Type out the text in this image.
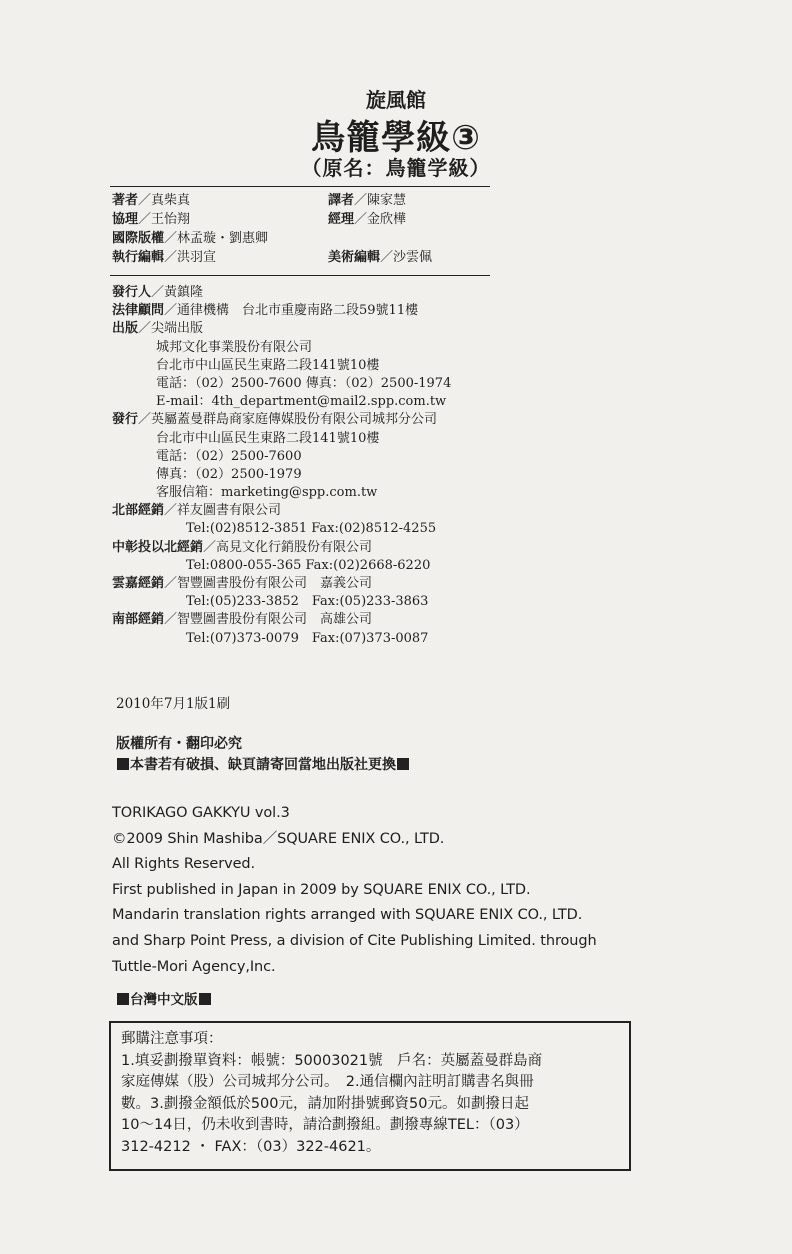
旋風館
鳥籠學級③
（原名：鳥籠学級）
著者／真柴真	譯者／陳家慧
協理／王怡翔	經理／金欣樺
國際版權／林孟璇・劉惠卿
執行編輯／洪羽宣	美術編輯／沙雲佩
發行人／黃鎮隆
法律顧問／通律機構　台北市重慶南路二段59號11樓
出版／尖端出版
城邦文化事業股份有限公司
台北市中山區民生東路二段141號10樓
電話：（02）2500-7600 傳真：（02）2500-1974
E-mail：4th_department@mail2.spp.com.tw
發行／英屬蓋曼群島商家庭傳媒股份有限公司城邦分公司
台北市中山區民生東路二段141號10樓
電話：（02）2500-7600
傳真：（02）2500-1979
客服信箱：marketing@spp.com.tw
北部經銷／祥友圖書有限公司
Tel:(02)8512-3851 Fax:(02)8512-4255
中彰投以北經銷／高見文化行銷股份有限公司
Tel:0800-055-365 Fax:(02)2668-6220
雲嘉經銷／智豐圖書股份有限公司　嘉義公司
Tel:(05)233-3852　Fax:(05)233-3863
南部經銷／智豐圖書股份有限公司　高雄公司
Tel:(07)373-0079　Fax:(07)373-0087
2010年7月1版1刷
版權所有・翻印必究
本書若有破損、缺頁請寄回當地出版社更換
TORIKAGO GAKKYU vol.3
©2009 Shin Mashiba／SQUARE ENIX CO., LTD.
All Rights Reserved.
First published in Japan in 2009 by SQUARE ENIX CO., LTD.
Mandarin translation rights arranged with SQUARE ENIX CO., LTD.
and Sharp Point Press, a division of Cite Publishing Limited. through
Tuttle-Mori Agency,Inc.
台灣中文版
郵購注意事項：
1.填妥劃撥單資料：帳號：50003021號　戶名：英屬蓋曼群島商
家庭傳媒（股）公司城邦分公司。　2.通信欄內註明訂購書名與冊
數。3.劃撥金額低於500元，請加附掛號郵資50元。如劃撥日起
10～14日，仍未收到書時，請洽劃撥組。劃撥專線TEL：（03）
312-4212 ・ FAX：（03）322-4621。
